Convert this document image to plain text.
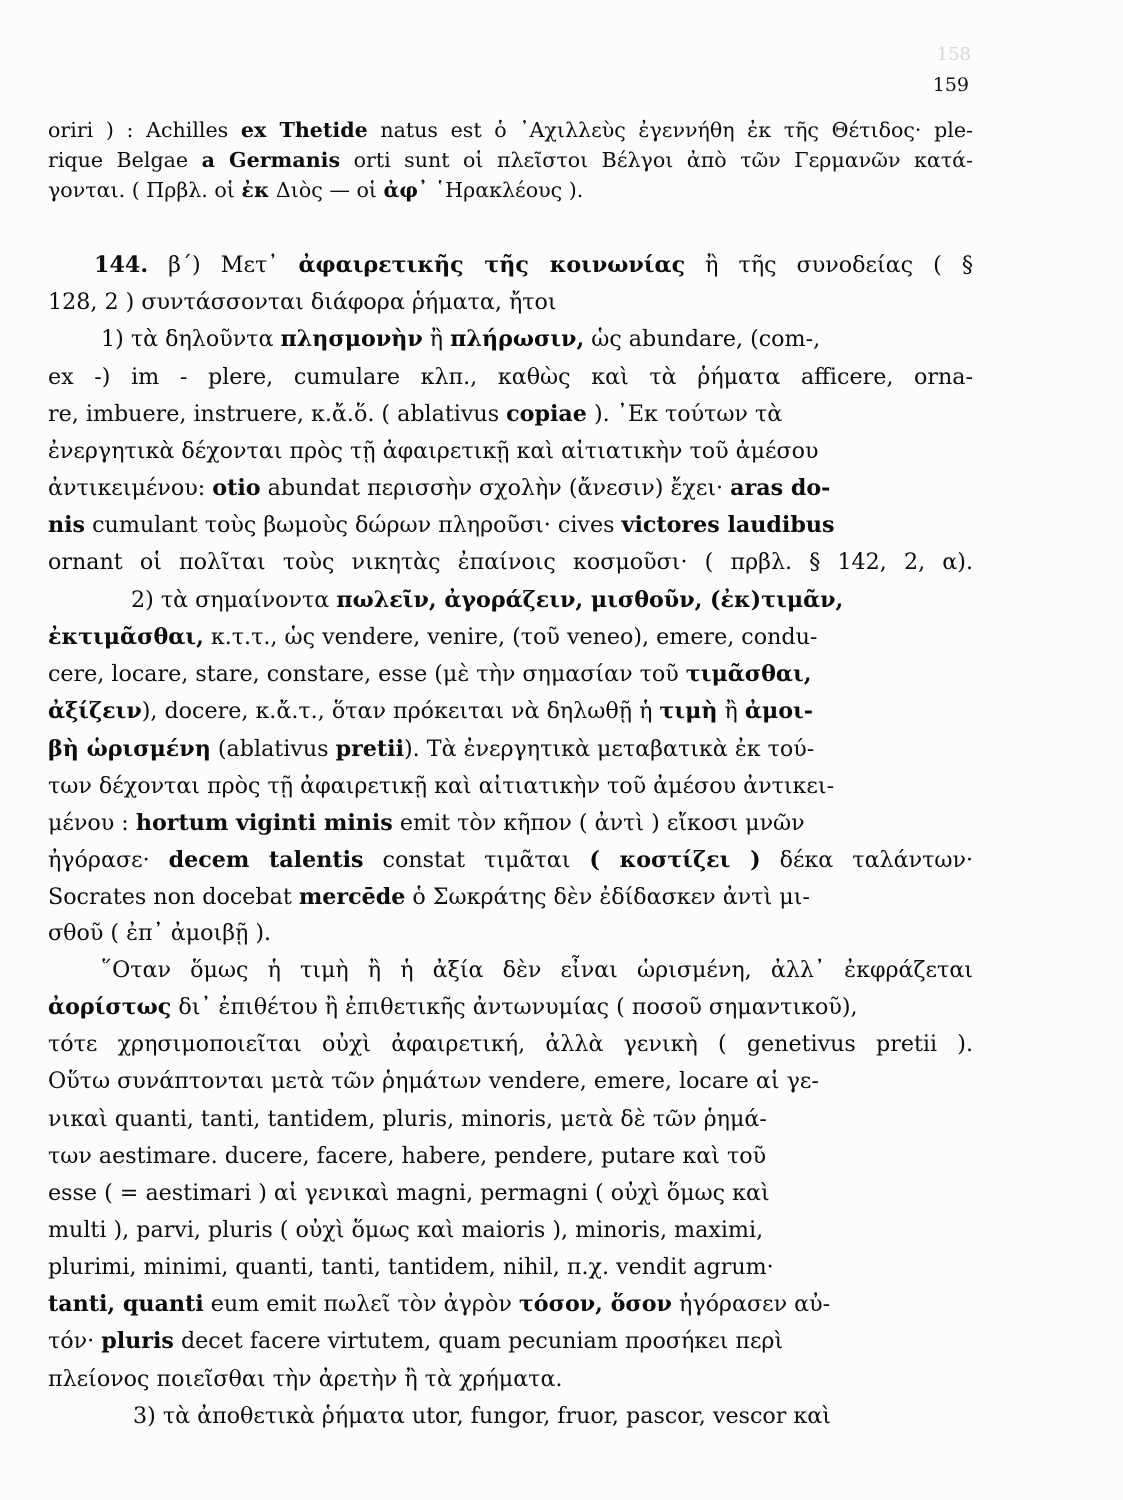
158
159
oriri ) : Achilles ex Thetide natus est ὁ ᾽Αχιλλεὺς ἐγεννήθη ἐκ τῆς Θέτιδος· ple-
rique Belgae a Germanis orti sunt οἱ πλεῖστοι Βέλγοι ἀπὸ τῶν Γερμανῶν κατά-
γονται. ( Πρβλ. οἱ ἐκ Διὸς — οἱ ἀφ᾽ ῾Ηρακλέους ).
144. β΄) Μετ᾽ ἀφαιρετικῆς τῆς κοινωνίας ἢ τῆς συνοδείας ( §
128, 2 ) συντάσσονται διάφορα ῥήματα, ἤτοι
1) τὰ δηλοῦντα πλησμονὴν ἢ πλήρωσιν, ὡς abundare, (com-,
ex -) im - plere, cumulare κλπ., καθὼς καὶ τὰ ῥήματα afficere, orna-
re, imbuere, instruere, κ.ἄ.ὅ. ( ablativus copiae ). ᾽Εκ τούτων τὰ
ἐνεργητικὰ δέχονται πρὸς τῇ ἀφαιρετικῇ καὶ αἰτιατικὴν τοῦ ἀμέσου
ἀντικειμένου: otio abundat περισσὴν σχολὴν (ἄνεσιν) ἔχει· aras do-
nis cumulant τοὺς βωμοὺς δώρων πληροῦσι· cives victores laudibus
ornant οἱ πολῖται τοὺς νικητὰς ἐπαίνοις κοσμοῦσι· ( πρβλ. § 142, 2, α).
2) τὰ σημαίνοντα πωλεῖν, ἀγοράζειν, μισθοῦν, (ἐκ)τιμᾶν,
ἐκτιμᾶσθαι, κ.τ.τ., ὡς vendere, venire, (τοῦ veneo), emere, condu-
cere, locare, stare, constare, esse (μὲ τὴν σημασίαν τοῦ τιμᾶσθαι,
ἀξίζειν), docere, κ.ἄ.τ., ὅταν πρόκειται νὰ δηλωθῇ ἡ τιμὴ ἢ ἀμοι-
βὴ ὡρισμένη (ablativus pretii). Τὰ ἐνεργητικὰ μεταβατικὰ ἐκ τού-
των δέχονται πρὸς τῇ ἀφαιρετικῇ καὶ αἰτιατικὴν τοῦ ἀμέσου ἀντικει-
μένου : hortum viginti minis emit τὸν κῆπον ( ἀντὶ ) εἴκοσι μνῶν
ἠγόρασε· decem talentis constat τιμᾶται ( κοστίζει ) δέκα ταλάντων·
Socrates non docebat mercēde ὁ Σωκράτης δὲν ἐδίδασκεν ἀντὶ μι-
σθοῦ ( ἐπ᾽ ἀμοιβῇ ).
῞Οταν ὅμως ἡ τιμὴ ἢ ἡ ἀξία δὲν εἶναι ὡρισμένη, ἀλλ᾽ ἐκφράζεται
ἀορίστως δι᾽ ἐπιθέτου ἢ ἐπιθετικῆς ἀντωνυμίας ( ποσοῦ σημαντικοῦ),
τότε χρησιμοποιεῖται οὐχὶ ἀφαιρετική, ἀλλὰ γενικὴ ( genetivus pretii ).
Οὕτω συνάπτονται μετὰ τῶν ῥημάτων vendere, emere, locare αἱ γε-
νικαὶ quanti, tanti, tantidem, pluris, minoris, μετὰ δὲ τῶν ῥημά-
των aestimare. ducere, facere, habere, pendere, putare καὶ τοῦ
esse ( = aestimari ) αἱ γενικαὶ magni, permagni ( οὐχὶ ὅμως καὶ
multi ), parvi, pluris ( οὐχὶ ὅμως καὶ maioris ), minoris, maximi,
plurimi, minimi, quanti, tanti, tantidem, nihil, π.χ. vendit agrum·
tanti, quanti eum emit πωλεῖ τὸν ἀγρὸν τόσον, ὅσον ἠγόρασεν αὐ-
τόν· pluris decet facere virtutem, quam pecuniam προσήκει περὶ
πλείονος ποιεῖσθαι τὴν ἀρετὴν ἢ τὰ χρήματα.
3) τὰ ἀποθετικὰ ῥήματα utor, fungor, fruor, pascor, vescor καὶ
